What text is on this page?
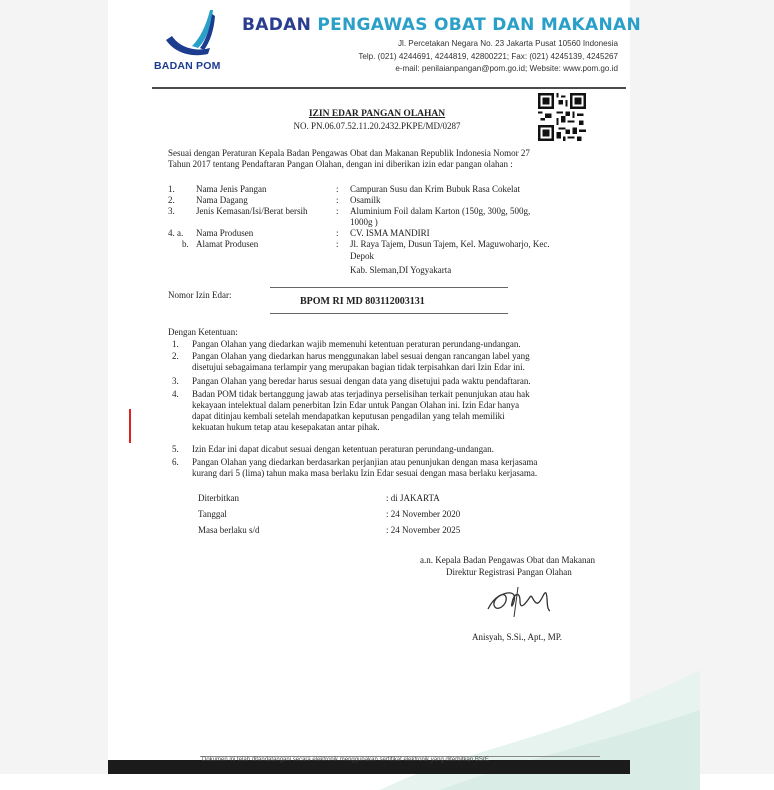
BADAN POM
BADAN PENGAWAS OBAT DAN MAKANAN
Jl. Percetakan Negara No. 23 Jakarta Pusat 10560 Indonesia
Telp. (021) 4244691, 4244819, 42800221; Fax: (021) 4245139, 4245267
e-mail: penilaianpangan@pom.go.id; Website: www.pom.go.id
IZIN EDAR PANGAN OLAHAN
NO. PN.06.07.52.11.20.2432.PKPE/MD/0287
Sesuai dengan Peraturan Kepala Badan Pengawas Obat dan Makanan Republik Indonesia Nomor 27
Tahun 2017 tentang Pendaftaran Pangan Olahan, dengan ini diberikan izin edar pangan olahan :
1. Nama Jenis Pangan	: Campuran Susu dan Krim Bubuk Rasa Cokelat
2. Nama Dagang	: Osamilk
3. Jenis Kemasan/Isi/Berat bersih	: Aluminium Foil dalam Karton (150g, 300g, 500g,
1000g )
4. a. Nama Produsen	: CV. ISMA MANDIRI
b. Alamat Produsen	: Jl. Raya Tajem, Dusun Tajem, Kel. Maguwoharjo, Kec.
Depok
Kab. Sleman,DI Yogyakarta
Nomor Izin Edar:
BPOM RI MD 803112003131
Dengan Ketentuan:
1. Pangan Olahan yang diedarkan wajib memenuhi ketentuan peraturan perundang-undangan.
2. Pangan Olahan yang diedarkan harus menggunakan label sesuai dengan rancangan label yang
disetujui sebagaimana terlampir yang merupakan bagian tidak terpisahkan dari Izin Edar ini.
3. Pangan Olahan yang beredar harus sesuai dengan data yang disetujui pada waktu pendaftaran.
4. Badan POM tidak bertanggung jawab atas terjadinya perselisihan terkait penunjukan atau hak
kekayaan intelektual dalam penerbitan Izin Edar untuk Pangan Olahan ini. Izin Edar hanya
dapat ditinjau kembali setelah mendapatkan keputusan pengadilan yang telah memiliki
kekuatan hukum tetap atau kesepakatan antar pihak.
5. Izin Edar ini dapat dicabut sesuai dengan ketentuan peraturan perundang-undangan.
6. Pangan Olahan yang diedarkan berdasarkan perjanjian atau penunjukan dengan masa kerjasama
kurang dari 5 (lima) tahun maka masa berlaku Izin Edar sesuai dengan masa berlaku kerjasama.
Diterbitkan	: di JAKARTA
Tanggal	: 24 November 2020
Masa berlaku s/d	: 24 November 2025
a.n. Kepala Badan Pengawas Obat dan Makanan
Direktur Registrasi Pangan Olahan
Anisyah, S.Si., Apt., MP.
Dokumen ini telah ditandatangani secara elektronik menggunakan sertifikat elektronik yang diterbitkan BSrE
